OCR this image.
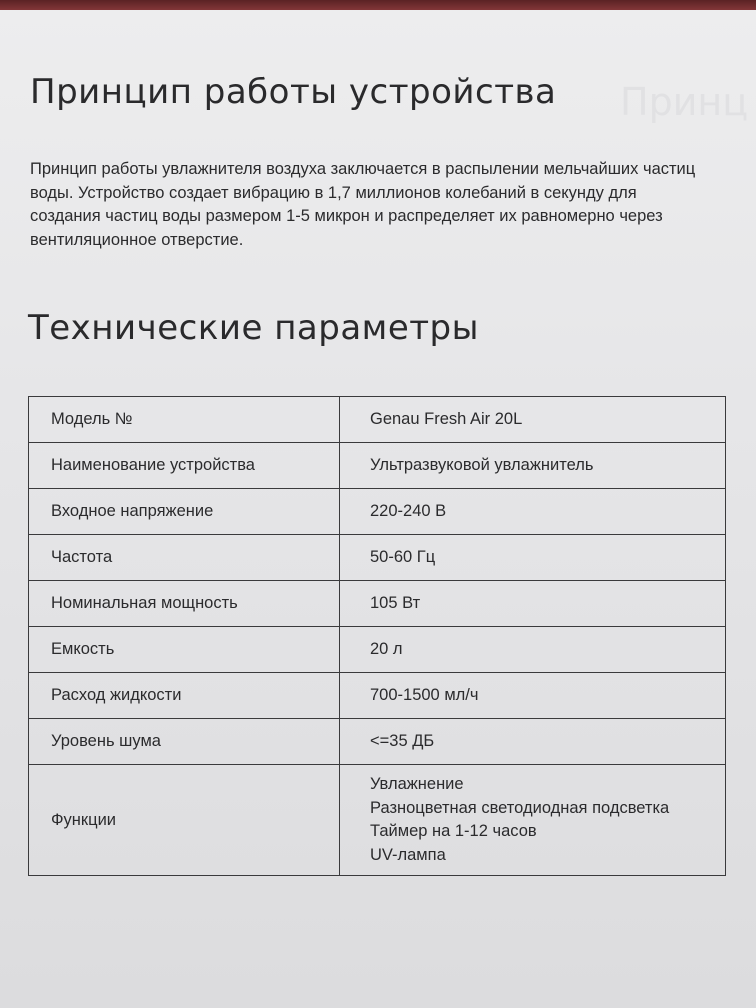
Принц
Принцип работы устройства

Принцип работы увлажнителя воздуха заключается в распылении мельчайших частиц воды. Устройство создает вибрацию в 1,7 миллионов колебаний в секунду для создания частиц воды размером 1-5 микрон и распределяет их равномерно через вентиляционное отверстие.

Технические параметры
Модель №	Genau Fresh Air 20L
Наименование устройства	Ультразвуковой увлажнитель
Входное напряжение	220-240 В
Частота	50-60 Гц
Номинальная мощность	105 Вт
Емкость	20 л
Расход жидкости	700-1500 мл/ч
Уровень шума	<=35 ДБ
Функции	Увлажнение
Разноцветная светодиодная подсветка
Таймер на 1-12 часов
UV-лампа
